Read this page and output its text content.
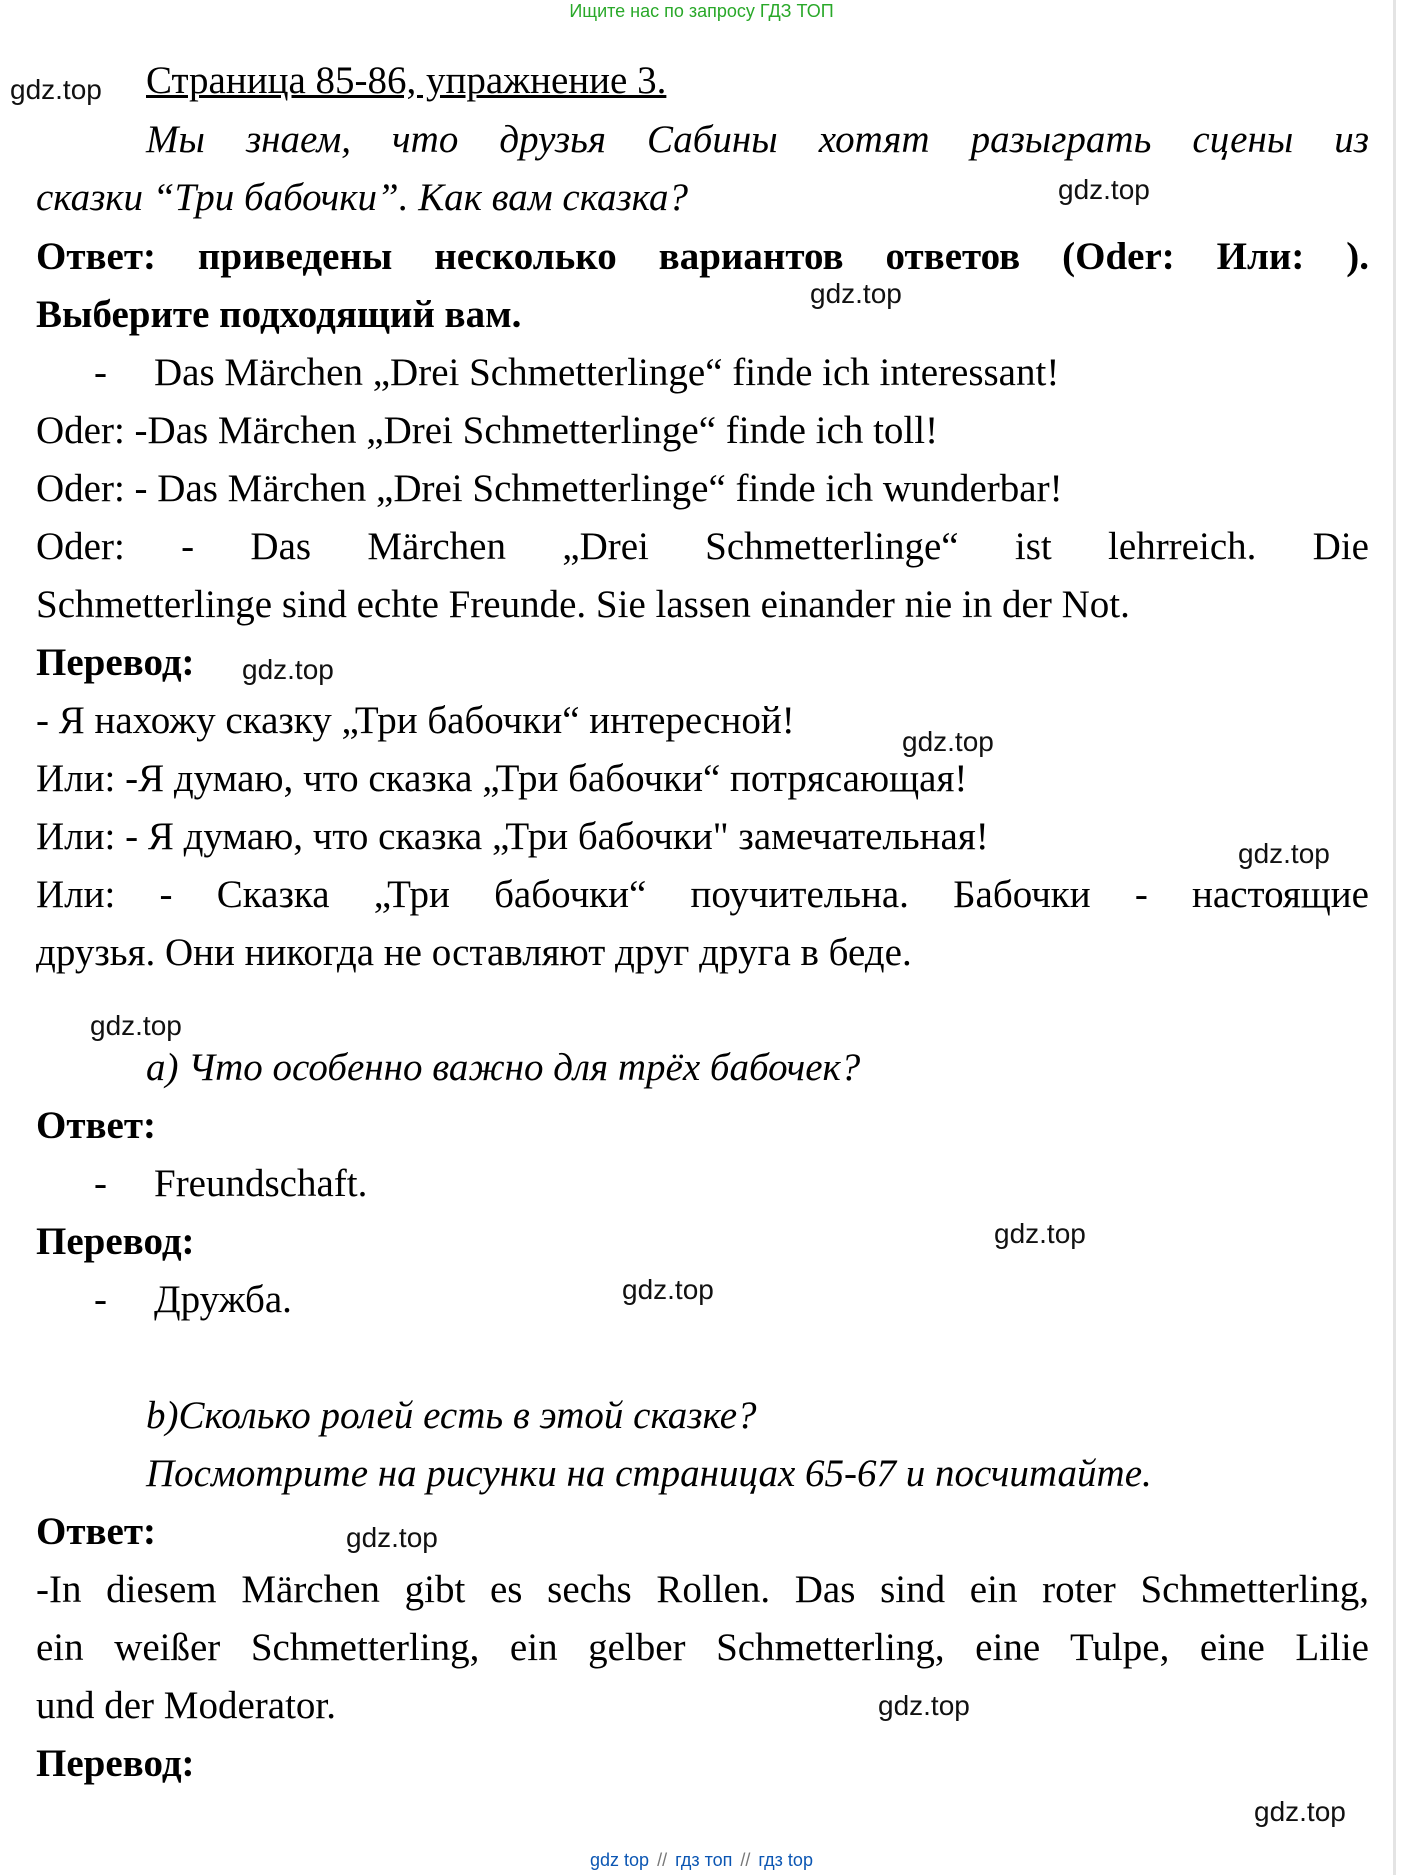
Ищите нас по запросу ГДЗ ТОП
Страница 85-86, упражнение 3.
Мы знаем, что друзья Сабины хотят разыграть сцены из
сказки “Три бабочки”. Как вам сказка?
Ответ: приведены несколько вариантов ответов (Oder: Или: ).
Выберите подходящий вам.
- Das Märchen „Drei Schmetterlinge“ finde ich interessant!
Oder: -Das Märchen „Drei Schmetterlinge“ finde ich toll!
Oder: - Das Märchen „Drei Schmetterlinge“ finde ich wunderbar!
Oder: - Das Märchen „Drei Schmetterlinge“ ist lehrreich. Die
Schmetterlinge sind echte Freunde. Sie lassen einander nie in der Not.
Перевод:
- Я нахожу сказку „Три бабочки“ интересной!
Или: -Я думаю, что сказка „Три бабочки“ потрясающая!
Или: - Я думаю, что сказка „Три бабочки" замечательная!
Или: - Сказка „Три бабочки“ поучительна. Бабочки - настоящие
друзья. Они никогда не оставляют друг друга в беде.
a) Что особенно важно для трёх бабочек?
Ответ:
- Freundschaft.
Перевод:
- Дружба.
b)Сколько ролей есть в этой сказке?
Посмотрите на рисунки на страницах 65-67 и посчитайте.
Ответ:
-In diesem Märchen gibt es sechs Rollen. Das sind ein roter Schmetterling,
ein weißer Schmetterling, ein gelber Schmetterling, eine Tulpe, eine Lilie
und der Moderator.
Перевод:
gdz.top
gdz.top
gdz.top
gdz.top
gdz.top
gdz.top
gdz.top
gdz.top
gdz.top
gdz.top
gdz.top
gdz.top
gdz top // гдз топ // гдз top
